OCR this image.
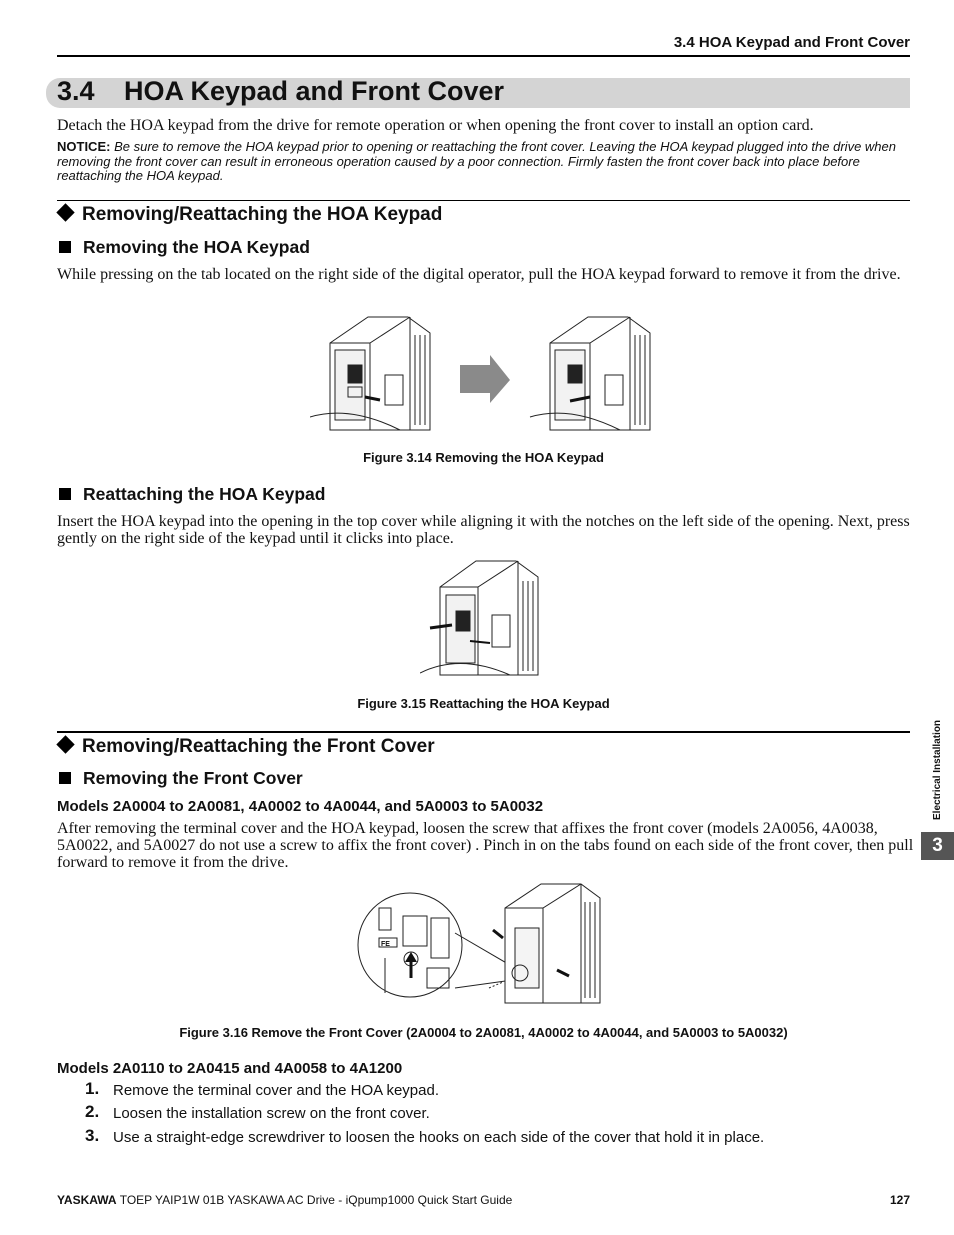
3.4 HOA Keypad and Front Cover
3.4 HOA Keypad and Front Cover
Detach the HOA keypad from the drive for remote operation or when opening the front cover to install an option card.
NOTICE: Be sure to remove the HOA keypad prior to opening or reattaching the front cover. Leaving the HOA keypad plugged into the drive when removing the front cover can result in erroneous operation caused by a poor connection. Firmly fasten the front cover back into place before reattaching the HOA keypad.
Removing/Reattaching the HOA Keypad
Removing the HOA Keypad
While pressing on the tab located on the right side of the digital operator, pull the HOA keypad forward to remove it from the drive.
Figure 3.14 Removing the HOA Keypad
Reattaching the HOA Keypad
Insert the HOA keypad into the opening in the top cover while aligning it with the notches on the left side of the opening. Next, press gently on the right side of the keypad until it clicks into place.
Figure 3.15 Reattaching the HOA Keypad
Removing/Reattaching the Front Cover
Removing the Front Cover
Models 2A0004 to 2A0081, 4A0002 to 4A0044, and 5A0003 to 5A0032
After removing the terminal cover and the HOA keypad, loosen the screw that affixes the front cover (models 2A0056, 4A0038, 5A0022, and 5A0027 do not use a screw to affix the front cover) . Pinch in on the tabs found on each side of the front cover, then pull forward to remove it from the drive.
FE
Figure 3.16 Remove the Front Cover (2A0004 to 2A0081, 4A0002 to 4A0044, and 5A0003 to 5A0032)
Models 2A0110 to 2A0415 and 4A0058 to 4A1200
1. Remove the terminal cover and the HOA keypad.
2. Loosen the installation screw on the front cover.
3. Use a straight-edge screwdriver to loosen the hooks on each side of the cover that hold it in place.
Electrical Installation
3
YASKAWA TOEP YAIP1W 01B YASKAWA AC Drive - iQpump1000 Quick Start Guide	127
